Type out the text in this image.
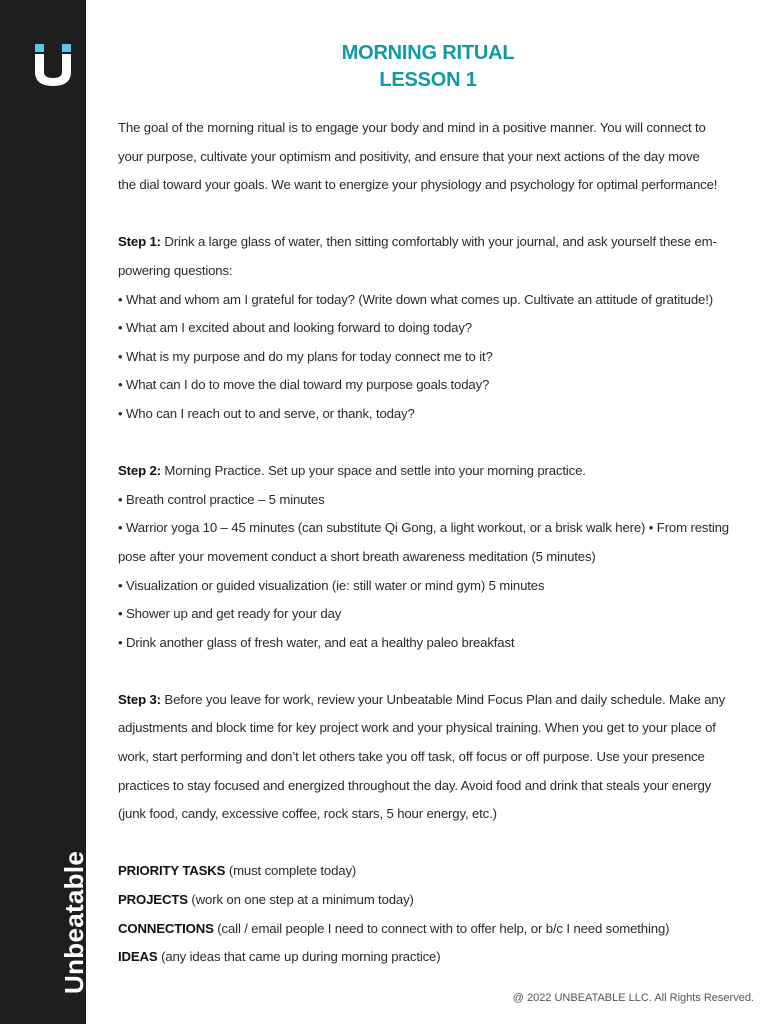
Unbeatable
MORNING RITUAL
LESSON 1
The goal of the morning ritual is to engage your body and mind in a positive manner. You will connect to
your purpose, cultivate your optimism and positivity, and ensure that your next actions of the day move
the dial toward your goals. We want to energize your physiology and psychology for optimal performance!
Step 1: Drink a large glass of water, then sitting comfortably with your journal, and ask yourself these em-
powering questions:
• What and whom am I grateful for today? (Write down what comes up. Cultivate an attitude of gratitude!)
• What am I excited about and looking forward to doing today?
• What is my purpose and do my plans for today connect me to it?
• What can I do to move the dial toward my purpose goals today?
• Who can I reach out to and serve, or thank, today?
Step 2: Morning Practice. Set up your space and settle into your morning practice.
• Breath control practice – 5 minutes
• Warrior yoga 10 – 45 minutes (can substitute Qi Gong, a light workout, or a brisk walk here) • From resting
pose after your movement conduct a short breath awareness meditation (5 minutes)
• Visualization or guided visualization (ie: still water or mind gym) 5 minutes
• Shower up and get ready for your day
• Drink another glass of fresh water, and eat a healthy paleo breakfast
Step 3: Before you leave for work, review your Unbeatable Mind Focus Plan and daily schedule. Make any
adjustments and block time for key project work and your physical training. When you get to your place of
work, start performing and don’t let others take you off task, off focus or off purpose. Use your presence
practices to stay focused and energized throughout the day. Avoid food and drink that steals your energy
(junk food, candy, excessive coffee, rock stars, 5 hour energy, etc.)
PRIORITY TASKS (must complete today)
PROJECTS (work on one step at a minimum today)
CONNECTIONS (call / email people I need to connect with to offer help, or b/c I need something)
IDEAS (any ideas that came up during morning practice)
@ 2022 UNBEATABLE LLC. All Rights Reserved.
